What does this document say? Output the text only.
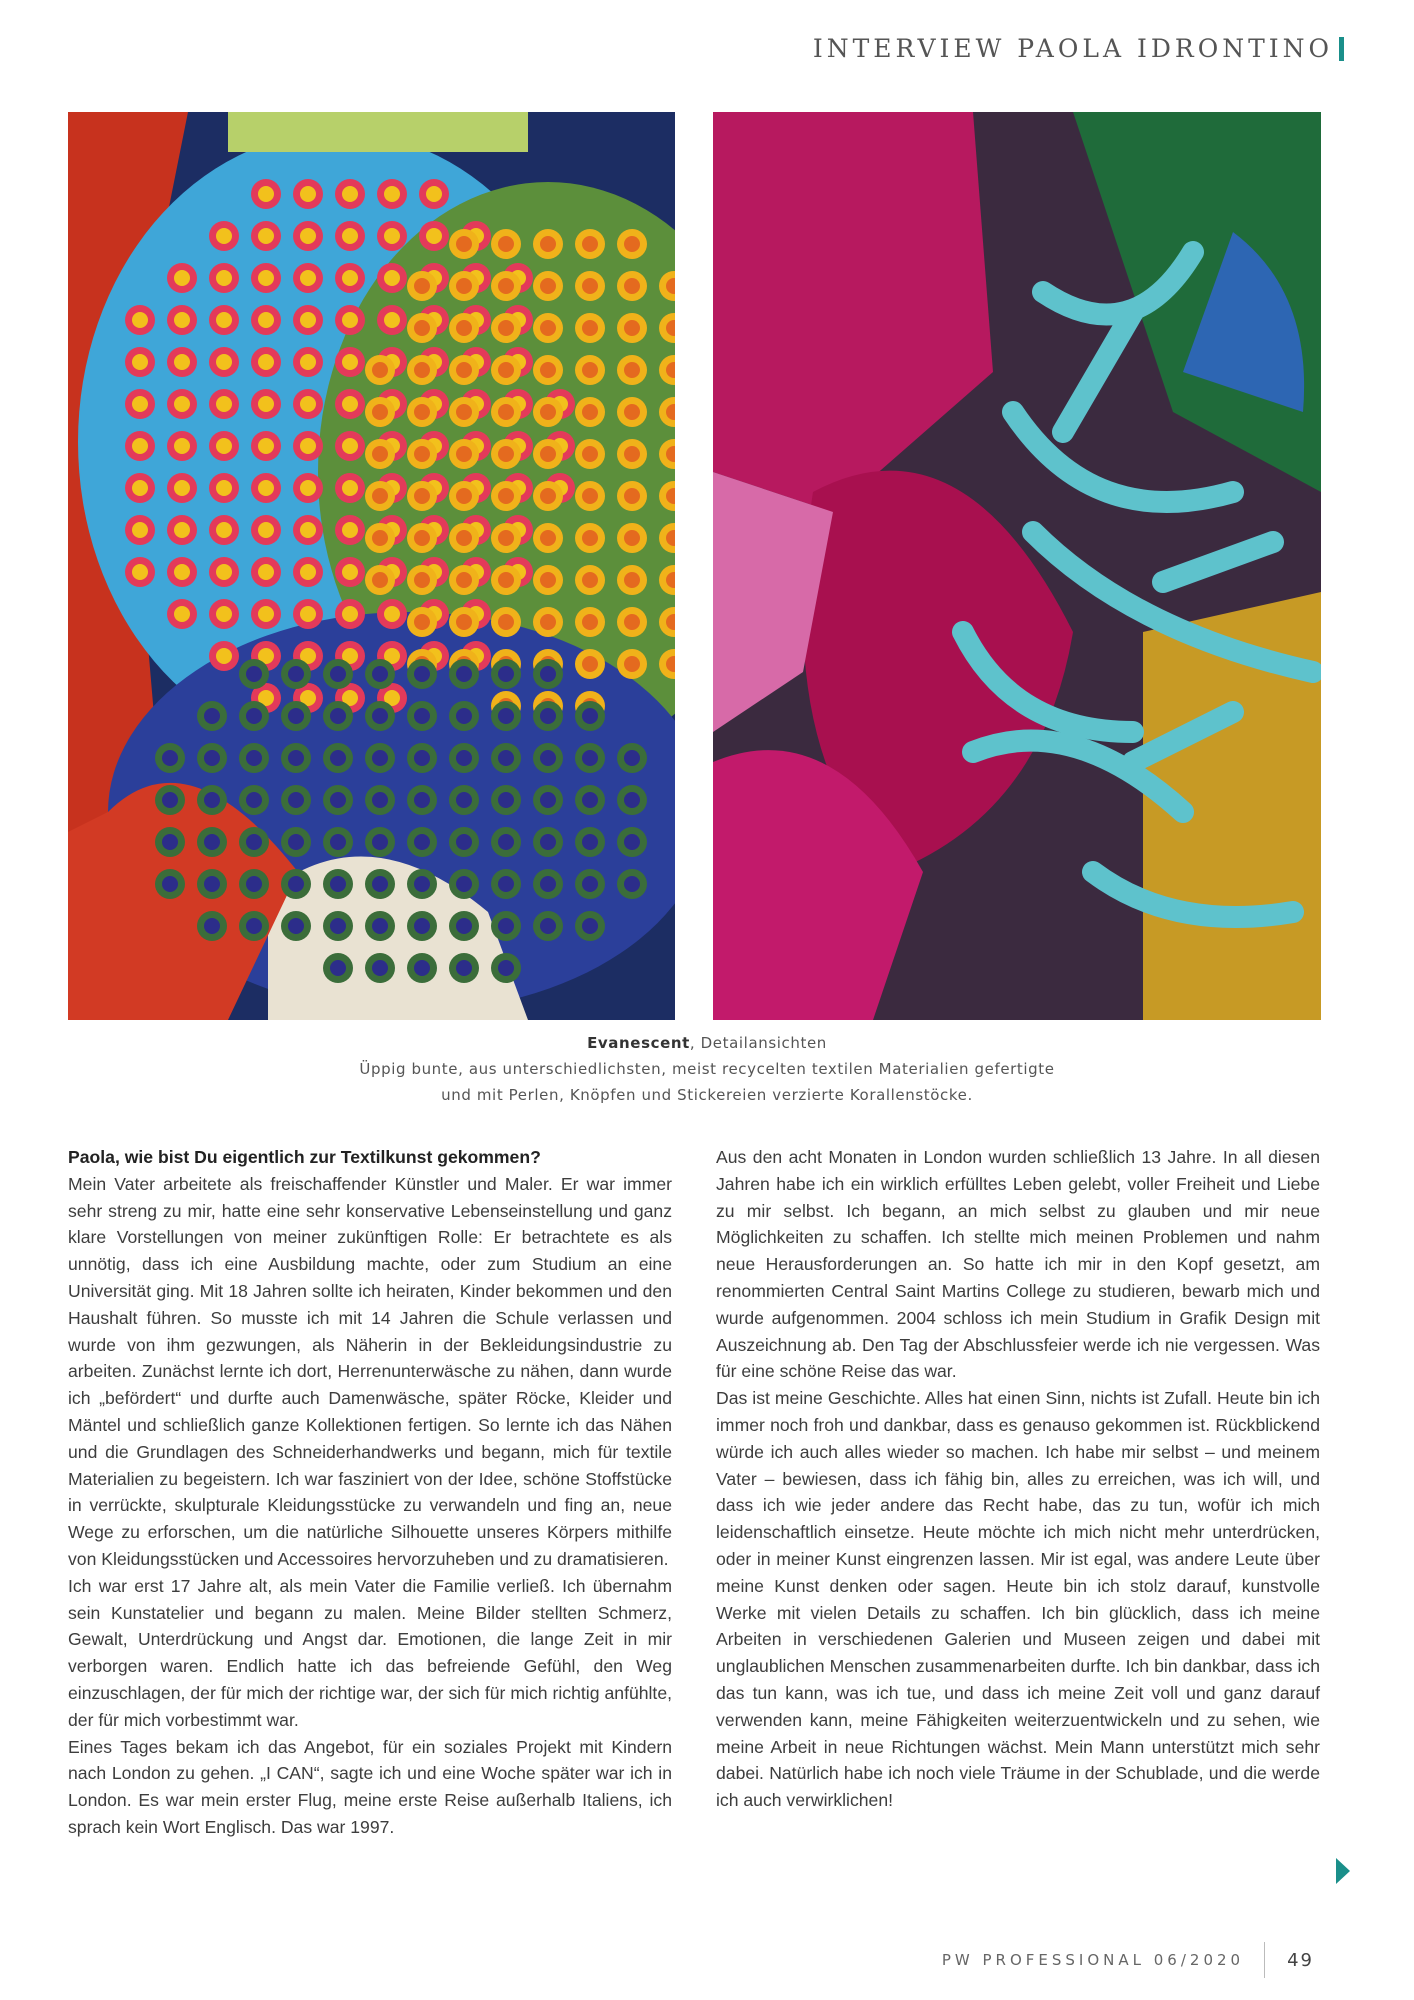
INTERVIEW PAOLA IDRONTINO
Evanescent, Detailansichten
Üppig bunte, aus unterschiedlichsten, meist recycelten textilen Materialien gefertigte
und mit Perlen, Knöpfen und Stickereien verzierte Korallenstöcke.

Paola, wie bist Du eigentlich zur Textilkunst gekommen?

Mein Vater arbeitete als freischaffender Künstler und Maler. Er war immer sehr streng zu mir, hatte eine sehr konservative Lebenseinstellung und ganz klare Vorstellungen von meiner zukünftigen Rolle: Er betrachtete es als unnötig, dass ich eine Ausbildung machte, oder zum Studium an eine Universität ging. Mit 18 Jahren sollte ich heiraten, Kinder bekommen und den Haushalt führen. So musste ich mit 14 Jahren die Schule verlassen und wurde von ihm gezwungen, als Näherin in der Bekleidungsindustrie zu arbeiten. Zunächst lernte ich dort, Herrenunterwäsche zu nähen, dann wurde ich „befördert“ und durfte auch Damenwäsche, später Röcke, Kleider und Mäntel und schließlich ganze Kollektionen fertigen. So lernte ich das Nähen und die Grundlagen des Schneiderhandwerks und begann, mich für textile Materialien zu begeistern. Ich war fasziniert von der Idee, schöne Stoffstücke in verrückte, skulpturale Kleidungsstücke zu verwandeln und fing an, neue Wege zu erforschen, um die natürliche Silhouette unseres Körpers mithilfe von Kleidungsstücken und Accessoires hervorzuheben und zu dramatisieren.

Ich war erst 17 Jahre alt, als mein Vater die Familie verließ. Ich übernahm sein Kunstatelier und begann zu malen. Meine Bilder stellten Schmerz, Gewalt, Unterdrückung und Angst dar. Emotionen, die lange Zeit in mir verborgen waren. Endlich hatte ich das befreiende Gefühl, den Weg einzuschlagen, der für mich der richtige war, der sich für mich richtig anfühlte, der für mich vorbestimmt war.

Eines Tages bekam ich das Angebot, für ein soziales Projekt mit Kindern nach London zu gehen. „I CAN“, sagte ich und eine Woche später war ich in London. Es war mein erster Flug, meine erste Reise außerhalb Italiens, ich sprach kein Wort Englisch. Das war 1997.

Aus den acht Monaten in London wurden schließlich 13 Jahre. In all diesen Jahren habe ich ein wirklich erfülltes Leben gelebt, voller Freiheit und Liebe zu mir selbst. Ich begann, an mich selbst zu glauben und mir neue Möglichkeiten zu schaffen. Ich stellte mich meinen Problemen und nahm neue Herausforderungen an. So hatte ich mir in den Kopf gesetzt, am renommierten Central Saint Martins College zu studieren, bewarb mich und wurde aufgenommen. 2004 schloss ich mein Studium in Grafik Design mit Auszeichnung ab. Den Tag der Abschlussfeier werde ich nie vergessen. Was für eine schöne Reise das war.

Das ist meine Geschichte. Alles hat einen Sinn, nichts ist Zufall. Heute bin ich immer noch froh und dankbar, dass es genauso gekommen ist. Rückblickend würde ich auch alles wieder so machen. Ich habe mir selbst – und meinem Vater – bewiesen, dass ich fähig bin, alles zu erreichen, was ich will, und dass ich wie jeder andere das Recht habe, das zu tun, wofür ich mich leidenschaftlich einsetze. Heute möchte ich mich nicht mehr unterdrücken, oder in meiner Kunst eingrenzen lassen. Mir ist egal, was andere Leute über meine Kunst denken oder sagen. Heute bin ich stolz darauf, kunstvolle Werke mit vielen Details zu schaffen. Ich bin glücklich, dass ich meine Arbeiten in verschiedenen Galerien und Museen zeigen und dabei mit unglaublichen Menschen zusammenarbeiten durfte. Ich bin dankbar, dass ich das tun kann, was ich tue, und dass ich meine Zeit voll und ganz darauf verwenden kann, meine Fähigkeiten weiterzuentwickeln und zu sehen, wie meine Arbeit in neue Richtungen wächst. Mein Mann unterstützt mich sehr dabei. Natürlich habe ich noch viele Träume in der Schublade, und die werde ich auch verwirklichen!

PW PROFESSIONAL 06/2020 49
